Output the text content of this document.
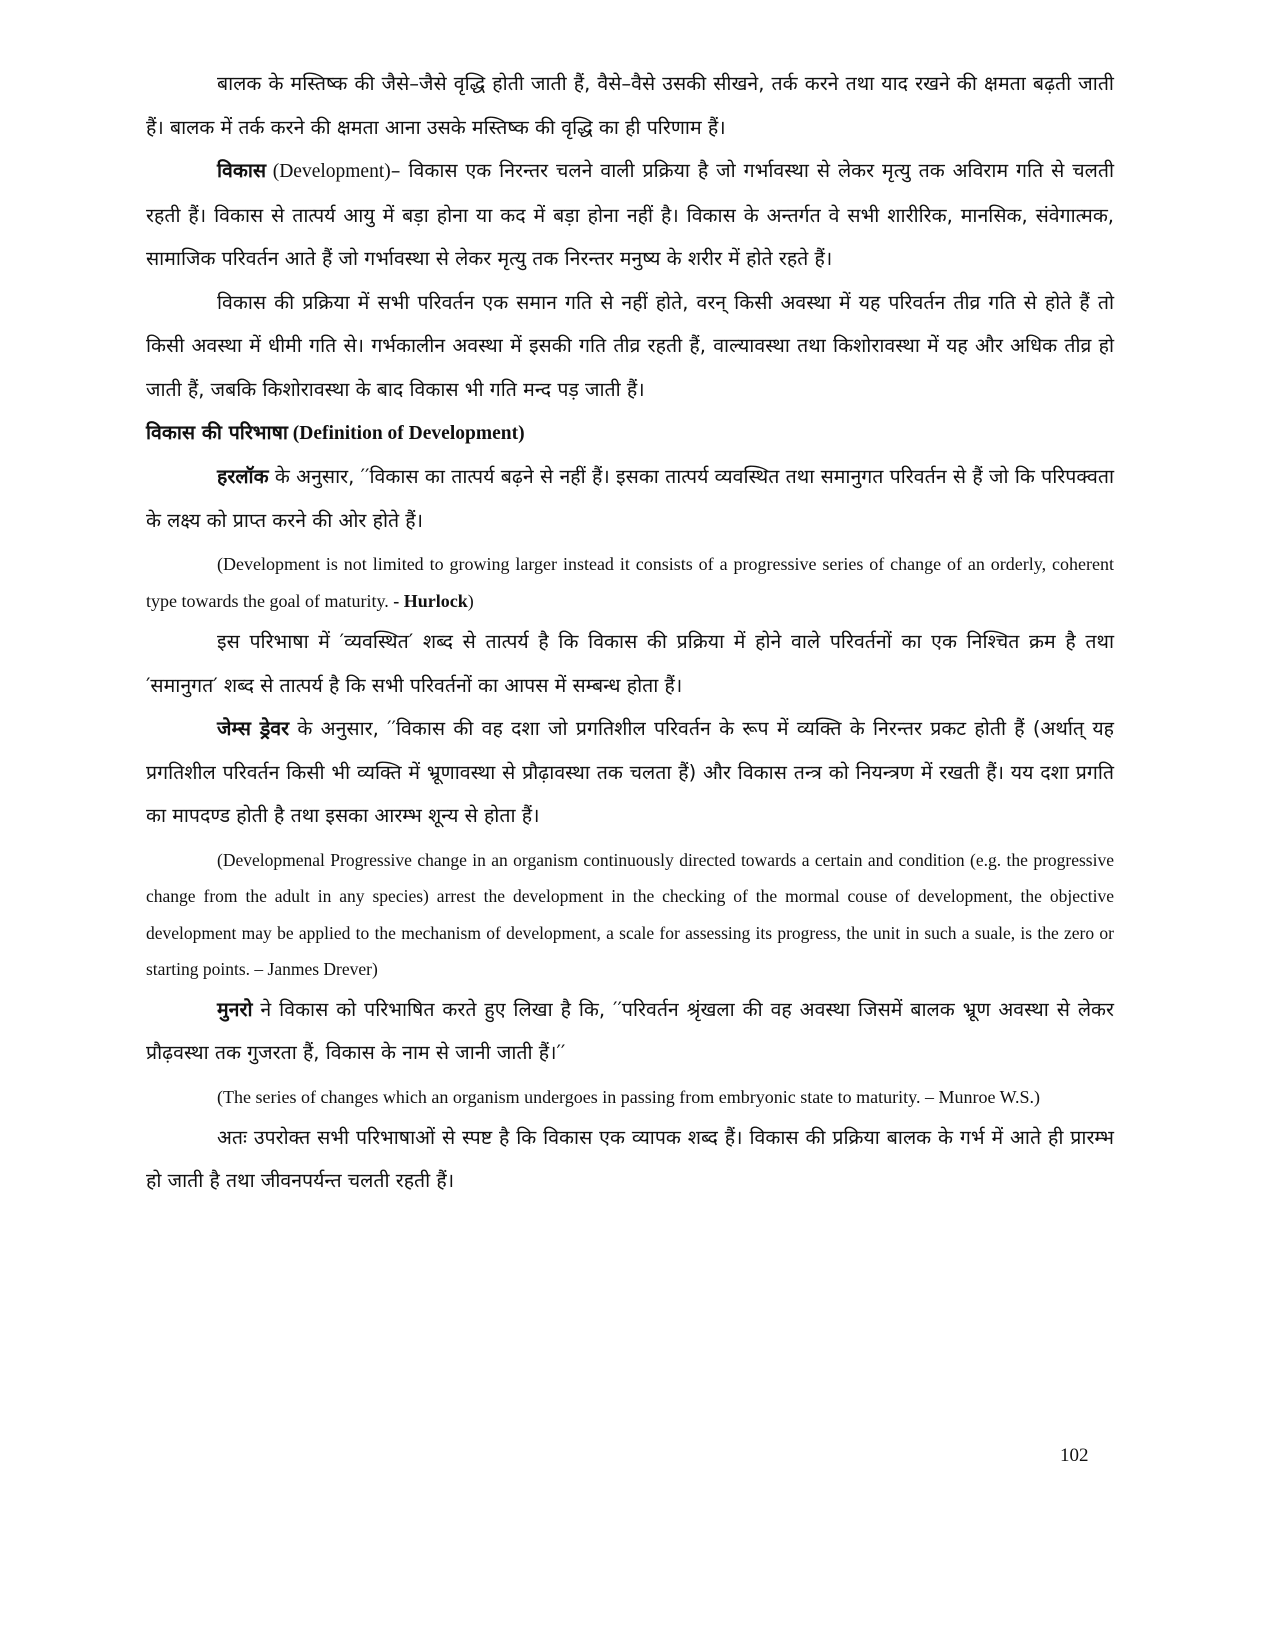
बालक के मस्तिष्क की जैसे–जैसे वृद्धि होती जाती हैं, वैसे–वैसे उसकी सीखने, तर्क करने तथा याद रखने की क्षमता बढ़ती जाती हैं। बालक में तर्क करने की क्षमता आना उसके मस्तिष्क की वृद्धि का ही परिणाम हैं।

विकास (Development)– विकास एक निरन्तर चलने वाली प्रक्रिया है जो गर्भावस्था से लेकर मृत्यु तक अविराम गति से चलती रहती हैं। विकास से तात्पर्य आयु में बड़ा होना या कद में बड़ा होना नहीं है। विकास के अन्तर्गत वे सभी शारीरिक, मानसिक, संवेगात्मक, सामाजिक परिवर्तन आते हैं जो गर्भावस्था से लेकर मृत्यु तक निरन्तर मनुष्य के शरीर में होते रहते हैं।

विकास की प्रक्रिया में सभी परिवर्तन एक समान गति से नहीं होते, वरन् किसी अवस्था में यह परिवर्तन तीव्र गति से होते हैं तो किसी अवस्था में धीमी गति से। गर्भकालीन अवस्था में इसकी गति तीव्र रहती हैं, वाल्यावस्था तथा किशोरावस्था में यह और अधिक तीव्र हो जाती हैं, जबकि किशोरावस्था के बाद विकास भी गति मन्द पड़ जाती हैं।

विकास की परिभाषा (Definition of Development)

हरलॉक के अनुसार, ′′विकास का तात्पर्य बढ़ने से नहीं हैं। इसका तात्पर्य व्यवस्थित तथा समानुगत परिवर्तन से हैं जो कि परिपक्वता के लक्ष्य को प्राप्त करने की ओर होते हैं।

(Development is not limited to growing larger instead it consists of a progressive series of change of an orderly, coherent type towards the goal of maturity. - Hurlock)

इस परिभाषा में ′व्यवस्थित′ शब्द से तात्पर्य है कि विकास की प्रक्रिया में होने वाले परिवर्तनों का एक निश्चित क्रम है तथा ′समानुगत′ शब्द से तात्पर्य है कि सभी परिवर्तनों का आपस में सम्बन्ध होता हैं।

जेम्स ड्रेवर के अनुसार, ′′विकास की वह दशा जो प्रगतिशील परिवर्तन के रूप में व्यक्ति के निरन्तर प्रकट होती हैं (अर्थात् यह प्रगतिशील परिवर्तन किसी भी व्यक्ति में भ्रूणावस्था से प्रौढ़ावस्था तक चलता हैं) और विकास तन्त्र को नियन्त्रण में रखती हैं। यय दशा प्रगति का मापदण्ड होती है तथा इसका आरम्भ शून्य से होता हैं।

(Developmenal Progressive change in an organism continuously directed towards a certain and condition (e.g. the progressive change from the adult in any species) arrest the development in the checking of the mormal couse of development, the objective development may be applied to the mechanism of development, a scale for assessing its progress, the unit in such a suale, is the zero or starting points. – Janmes Drever)

मुनरो ने विकास को परिभाषित करते हुए लिखा है कि, ′′परिवर्तन श्रृंखला की वह अवस्था जिसमें बालक भ्रूण अवस्था से लेकर प्रौढ़वस्था तक गुजरता हैं, विकास के नाम से जानी जाती हैं।′′

(The series of changes which an organism undergoes in passing from embryonic state to maturity. – Munroe W.S.)

अतः उपरोक्त सभी परिभाषाओं से स्पष्ट है कि विकास एक व्यापक शब्द हैं। विकास की प्रक्रिया बालक के गर्भ में आते ही प्रारम्भ हो जाती है तथा जीवनपर्यन्त चलती रहती हैं।

102
